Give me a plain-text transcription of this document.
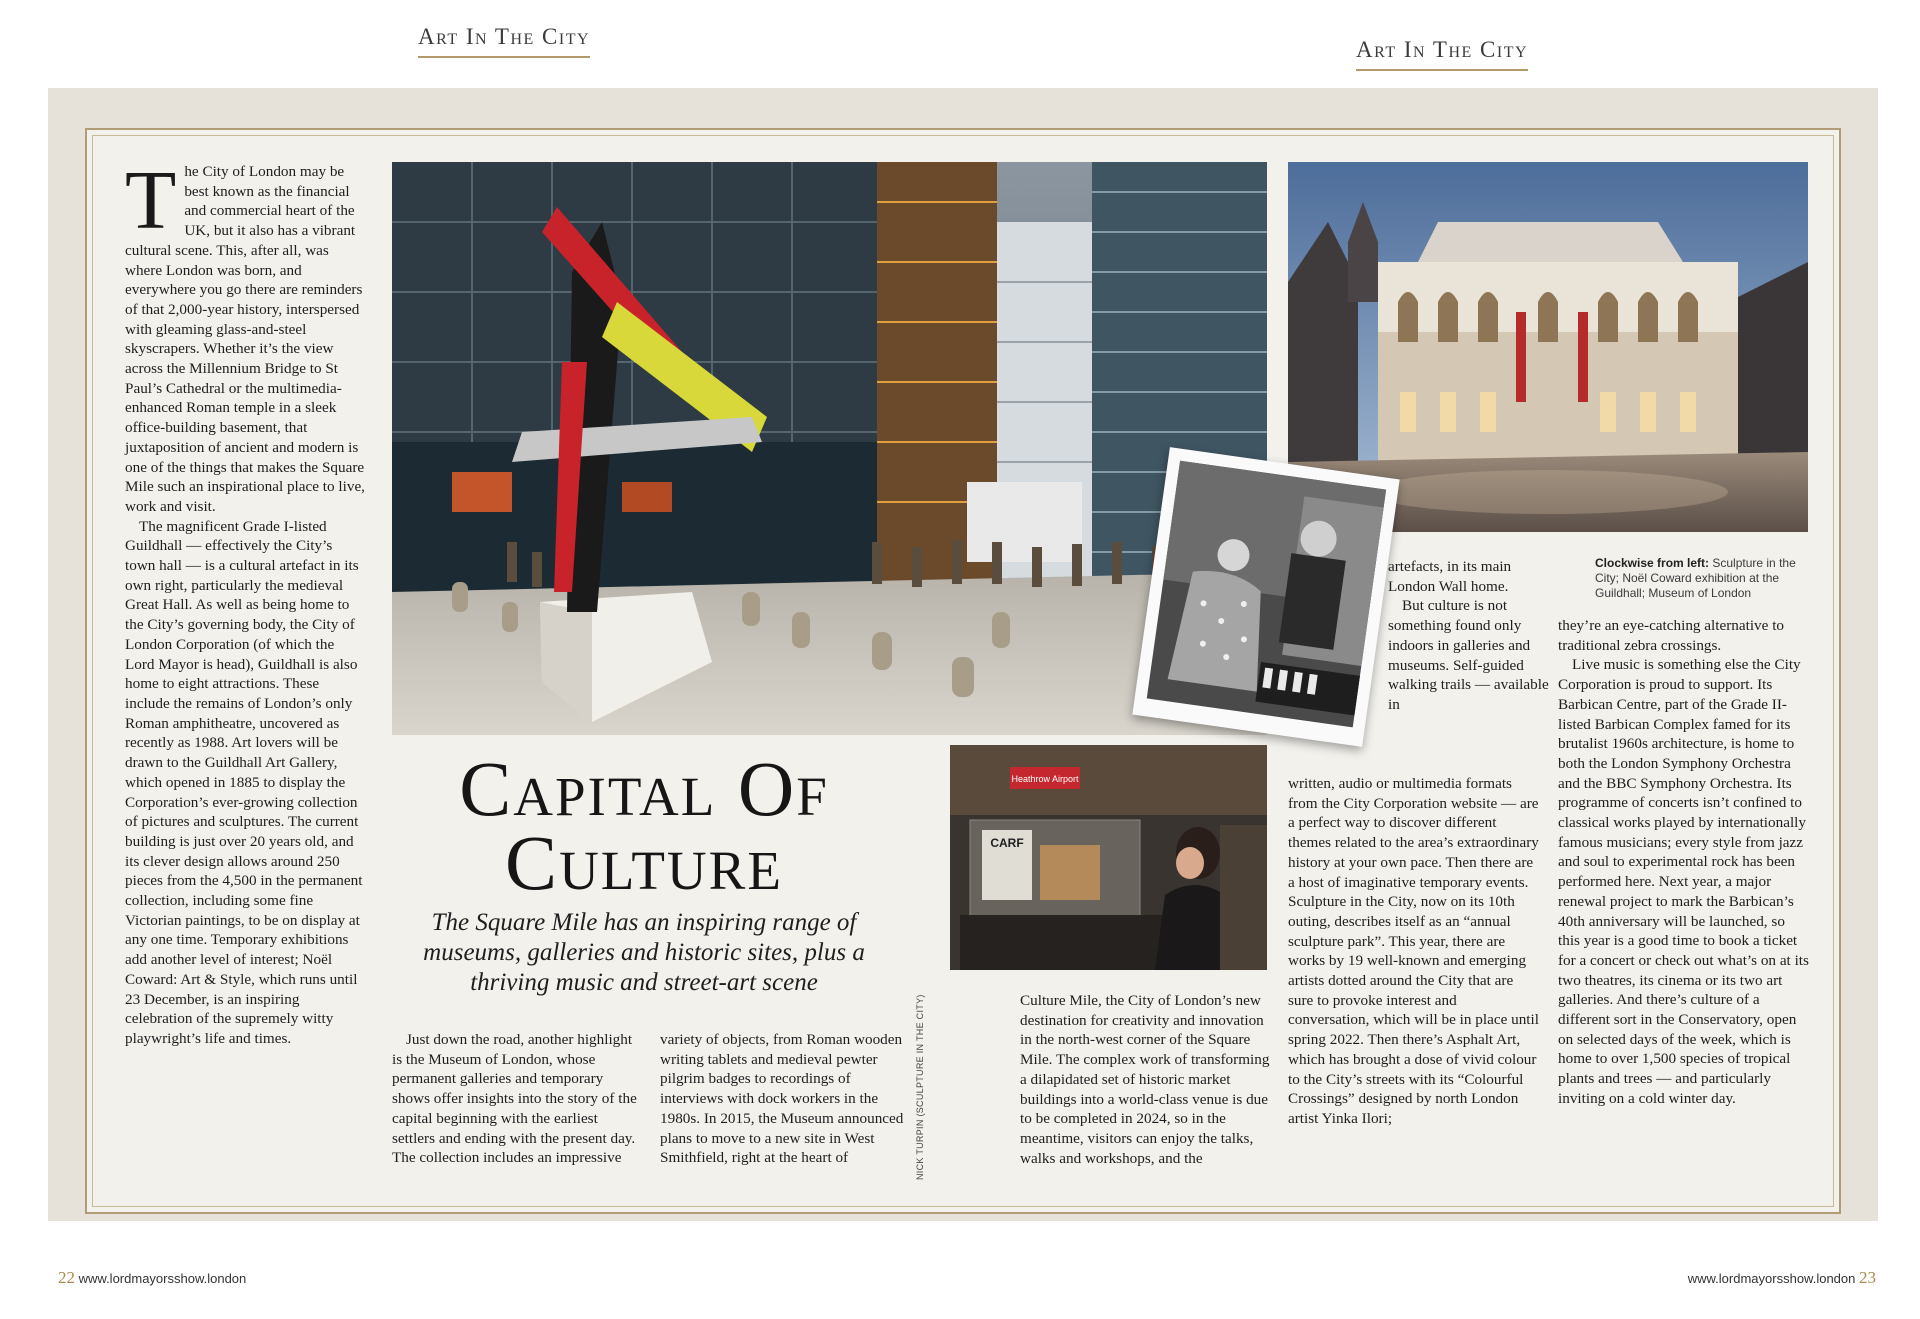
Art In The City
Art In The City

The City of London may be best known as the financial and commercial heart of the UK, but it also has a vibrant cultural scene. This, after all, was where London was born, and everywhere you go there are reminders of that 2,000-year history, interspersed with gleaming glass-and-steel skyscrapers. Whether it’s the view across the Millennium Bridge to St Paul’s Cathedral or the multimedia-enhanced Roman temple in a sleek office-building basement, that juxtaposition of ancient and modern is one of the things that makes the Square Mile such an inspirational place to live, work and visit.

The magnificent Grade I-listed Guildhall — effectively the City’s town hall — is a cultural artefact in its own right, particularly the medieval Great Hall. As well as being home to the City’s governing body, the City of London Corporation (of which the Lord Mayor is head), Guildhall is also home to eight attractions. These include the remains of London’s only Roman amphitheatre, uncovered as recently as 1988. Art lovers will be drawn to the Guildhall Art Gallery, which opened in 1885 to display the Corporation’s ever-growing collection of pictures and sculptures. The current building is just over 20 years old, and its clever design allows around 250 pieces from the 4,500 in the permanent collection, including some fine Victorian paintings, to be on display at any one time. Temporary exhibitions add another level of interest; Noël Coward: Art & Style, which runs until 23 December, is an inspiring celebration of the supremely witty playwright’s life and times.

Heathrow Airport
CARF
Capital Of
Culture
The Square Mile has an inspiring range of museums, galleries and historic sites, plus a thriving music and street-art scene

Just down the road, another highlight is the Museum of London, whose permanent galleries and temporary shows offer insights into the story of the capital beginning with the earliest settlers and ending with the present day. The collection includes an impressive

variety of objects, from Roman wooden writing tablets and medieval pewter pilgrim badges to recordings of interviews with dock workers in the 1980s. In 2015, the Museum announced plans to move to a new site in West Smithfield, right at the heart of	NICK TURPIN (SCULPTURE IN THE CITY)	Culture Mile, the City of London’s new destination for creativity and innovation in the north-west corner of the Square Mile. The complex work of transforming a dilapidated set of historic market buildings into a world-class venue is due to be completed in 2024, so in the meantime, visitors can enjoy the talks, walks and workshops, and the

artefacts, in its main London Wall home.

But culture is not something found only indoors in galleries and museums. Self-guided walking trails — available in

written, audio or multimedia formats from the City Corporation website — are a perfect way to discover different themes related to the area’s extraordinary history at your own pace. Then there are a host of imaginative temporary events. Sculpture in the City, now on its 10th outing, describes itself as an “annual sculpture park”. This year, there are works by 19 well-known and emerging artists dotted around the City that are sure to provoke interest and conversation, which will be in place until spring 2022. Then there’s Asphalt Art, which has brought a dose of vivid colour to the City’s streets with its “Colourful Crossings” designed by north London artist Yinka Ilori;

Clockwise from left: Sculpture in the City; Noël Coward exhibition at the Guildhall; Museum of London

they’re an eye-catching alternative to traditional zebra crossings.

Live music is something else the City Corporation is proud to support. Its Barbican Centre, part of the Grade II-listed Barbican Complex famed for its brutalist 1960s architecture, is home to both the London Symphony Orchestra and the BBC Symphony Orchestra. Its programme of concerts isn’t confined to classical works played by internationally famous musicians; every style from jazz and soul to experimental rock has been performed here. Next year, a major renewal project to mark the Barbican’s 40th anniversary will be launched, so this year is a good time to book a ticket for a concert or check out what’s on at its two theatres, its cinema or its two art galleries. And there’s culture of a different sort in the Conservatory, open on selected days of the week, which is home to over 1,500 species of tropical plants and trees — and particularly inviting on a cold winter day.

22 www.lordmayorsshow.london	www.lordmayorsshow.london 23
